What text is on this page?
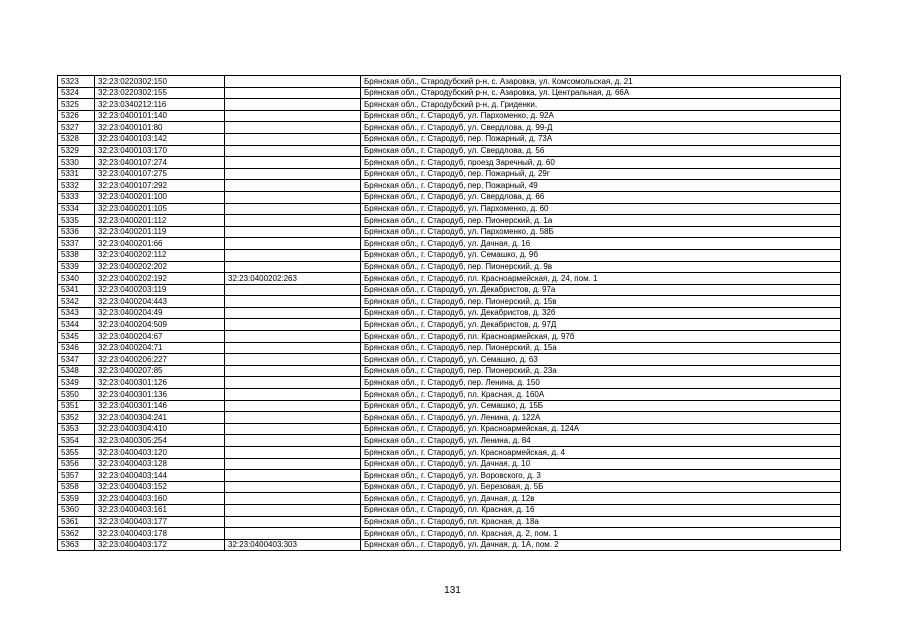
5323	32:23:0220302:150		Брянская обл., Стародубский р-н, с. Азаровка, ул. Комсомольская, д. 21
5324	32:23:0220302:155		Брянская обл., Стародубский р-н, с. Азаровка, ул. Центральная, д. 66А
5325	32:23:0340212:116		Брянская обл., Стародубский р-н, д. Гриденки,
5326	32:23:0400101:140		Брянская обл., г. Стародуб, ул. Пархоменко, д. 92А
5327	32:23:0400101:80		Брянская обл., г. Стародуб, ул. Свердлова, д. 99-Д
5328	32:23:0400103:142		Брянская обл., г. Стародуб, пер. Пожарный, д. 73А
5329	32:23:0400103:170		Брянская обл., г. Стародуб, ул. Свердлова, д. 56
5330	32:23:0400107:274		Брянская обл., г. Стародуб, проезд Заречный, д. 60
5331	32:23:0400107:275		Брянская обл., г. Стародуб, пер. Пожарный, д. 29г
5332	32:23:0400107:292		Брянская обл., г. Стародуб, пер. Пожарный, 49
5333	32:23:0400201:100		Брянская обл., г. Стародуб, ул. Свердлова, д. 66
5334	32:23:0400201:105		Брянская обл., г. Стародуб, ул. Пархоменко, д. 60
5335	32:23:0400201:112		Брянская обл., г. Стародуб, пер. Пионерский, д. 1а
5336	32:23:0400201:119		Брянская обл., г. Стародуб, ул. Пархоменко, д. 58Б
5337	32:23:0400201:66		Брянская обл., г. Стародуб, ул. Дачная, д. 16
5338	32:23:0400202:112		Брянская обл., г. Стародуб, ул. Семашко, д. 9б
5339	32:23:0400202:202		Брянская обл., г. Стародуб, пер. Пионерский, д. 9в
5340	32:23:0400202:192	32:23:0400202:263	Брянская обл., г. Стародуб, пл. Красноармейская, д. 24, пом. 1
5341	32:23:0400203:119		Брянская обл., г. Стародуб, ул. Декабристов, д. 97а
5342	32:23:0400204:443		Брянская обл., г. Стародуб, пер. Пионерский, д. 15в
5343	32:23:0400204:49		Брянская обл., г. Стародуб, ул. Декабристов, д. 32б
5344	32:23:0400204:509		Брянская обл., г. Стародуб, ул. Декабристов, д. 97Д
5345	32:23:0400204:67		Брянская обл., г. Стародуб, пл. Красноармейская, д. 97б
5346	32:23:0400204:71		Брянская обл., г. Стародуб, пер. Пионерский, д. 15а
5347	32:23:0400206:227		Брянская обл., г. Стародуб, ул. Семашко, д. 63
5348	32:23:0400207:85		Брянская обл., г. Стародуб, пер. Пионерский, д. 23а
5349	32:23:0400301:126		Брянская обл., г. Стародуб, пер. Ленина, д. 150
5350	32:23:0400301:136		Брянская обл., г. Стародуб, пл. Красная, д. 160А
5351	32:23:0400301:146		Брянская обл., г. Стародуб, ул. Семашко, д. 15Б
5352	32:23:0400304:241		Брянская обл., г. Стародуб, ул. Ленина, д. 122А
5353	32:23:0400304:410		Брянская обл., г. Стародуб, ул. Красноармейская, д. 124А
5354	32:23:0400305:254		Брянская обл., г. Стародуб, ул. Ленина, д. 84
5355	32:23:0400403:120		Брянская обл., г. Стародуб, ул. Красноармейская, д. 4
5356	32:23:0400403:128		Брянская обл., г. Стародуб, ул. Дачная, д. 10
5357	32:23:0400403:144		Брянская обл., г. Стародуб, ул. Воровского, д. 3
5358	32:23:0400403:152		Брянская обл., г. Стародуб, ул. Березовая, д. 5Б
5359	32:23:0400403:160		Брянская обл., г. Стародуб, ул. Дачная, д. 12в
5360	32:23:0400403:161		Брянская обл., г. Стародуб, пл. Красная, д. 16
5361	32:23:0400403:177		Брянская обл., г. Стародуб, пл. Красная, д. 18а
5362	32:23:0400403:178		Брянская обл., г. Стародуб, пл. Красная, д. 2, пом. 1
5363	32:23:0400403:172	32:23:0400403:303	Брянская обл., г. Стародуб, ул. Дачная, д. 1А, пом. 2
131
